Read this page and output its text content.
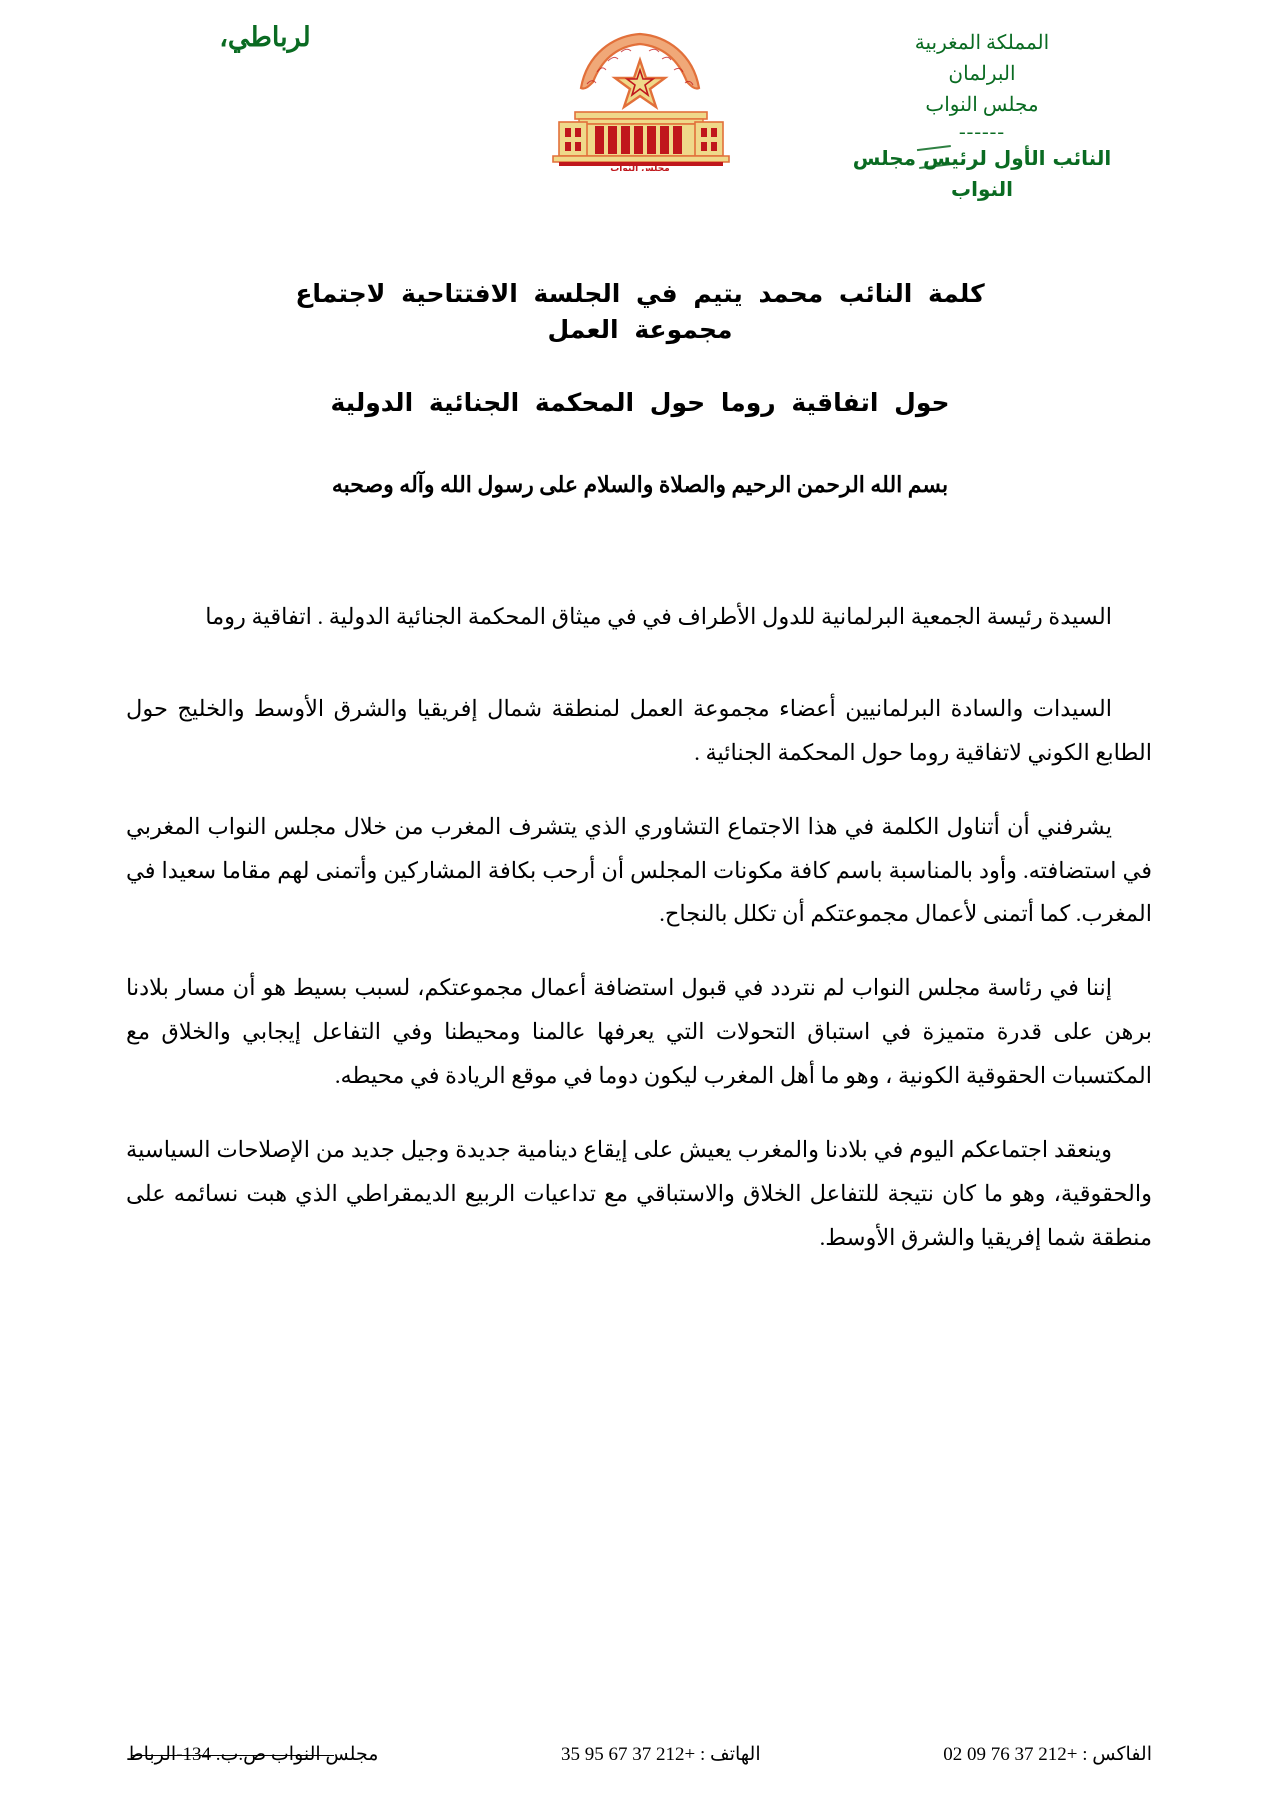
لرباطي،
مجلس النواب
المملكة المغربية
البرلمان
مجلس النواب
------
النائب الأول لرئيس مجلس
النواب
كلمة النائب محمد يتيم في الجلسة الافتتاحية لاجتماع
مجموعة العمل
حول اتفاقية روما حول المحكمة الجنائية الدولية
بسم الله الرحمن الرحيم والصلاة والسلام على رسول الله وآله وصحبه

السيدة رئيسة الجمعية البرلمانية للدول الأطراف في في ميثاق المحكمة الجنائية الدولية . اتفاقية روما

السيدات والسادة البرلمانيين أعضاء مجموعة العمل لمنطقة شمال إفريقيا والشرق الأوسط والخليج حول الطابع الكوني لاتفاقية روما حول المحكمة الجنائية .

يشرفني أن أتناول الكلمة في هذا الاجتماع التشاوري الذي يتشرف المغرب من خلال مجلس النواب المغربي في استضافته. وأود بالمناسبة باسم كافة مكونات المجلس أن أرحب بكافة المشاركين وأتمنى لهم مقاما سعيدا في المغرب. كما أتمنى لأعمال مجموعتكم أن تكلل بالنجاح.

إننا في رئاسة مجلس النواب لم نتردد في قبول استضافة أعمال مجموعتكم، لسبب بسيط هو أن مسار بلادنا برهن على قدرة متميزة في استباق التحولات التي يعرفها عالمنا ومحيطنا وفي التفاعل إيجابي والخلاق مع المكتسبات الحقوقية الكونية ، وهو ما أهل المغرب ليكون دوما في موقع الريادة في محيطه.

وينعقد اجتماعكم اليوم في بلادنا والمغرب يعيش على إيقاع دينامية جديدة وجيل جديد من الإصلاحات السياسية والحقوقية، وهو ما كان نتيجة للتفاعل الخلاق والاستباقي مع تداعيات الربيع الديمقراطي الذي هبت نسائمه على منطقة شما إفريقيا والشرق الأوسط.

الفاكس : +212 37 76 09 02
الهاتف : +212 37 67 95 35
مجلس النواب ص.ب. 134-الرباط
